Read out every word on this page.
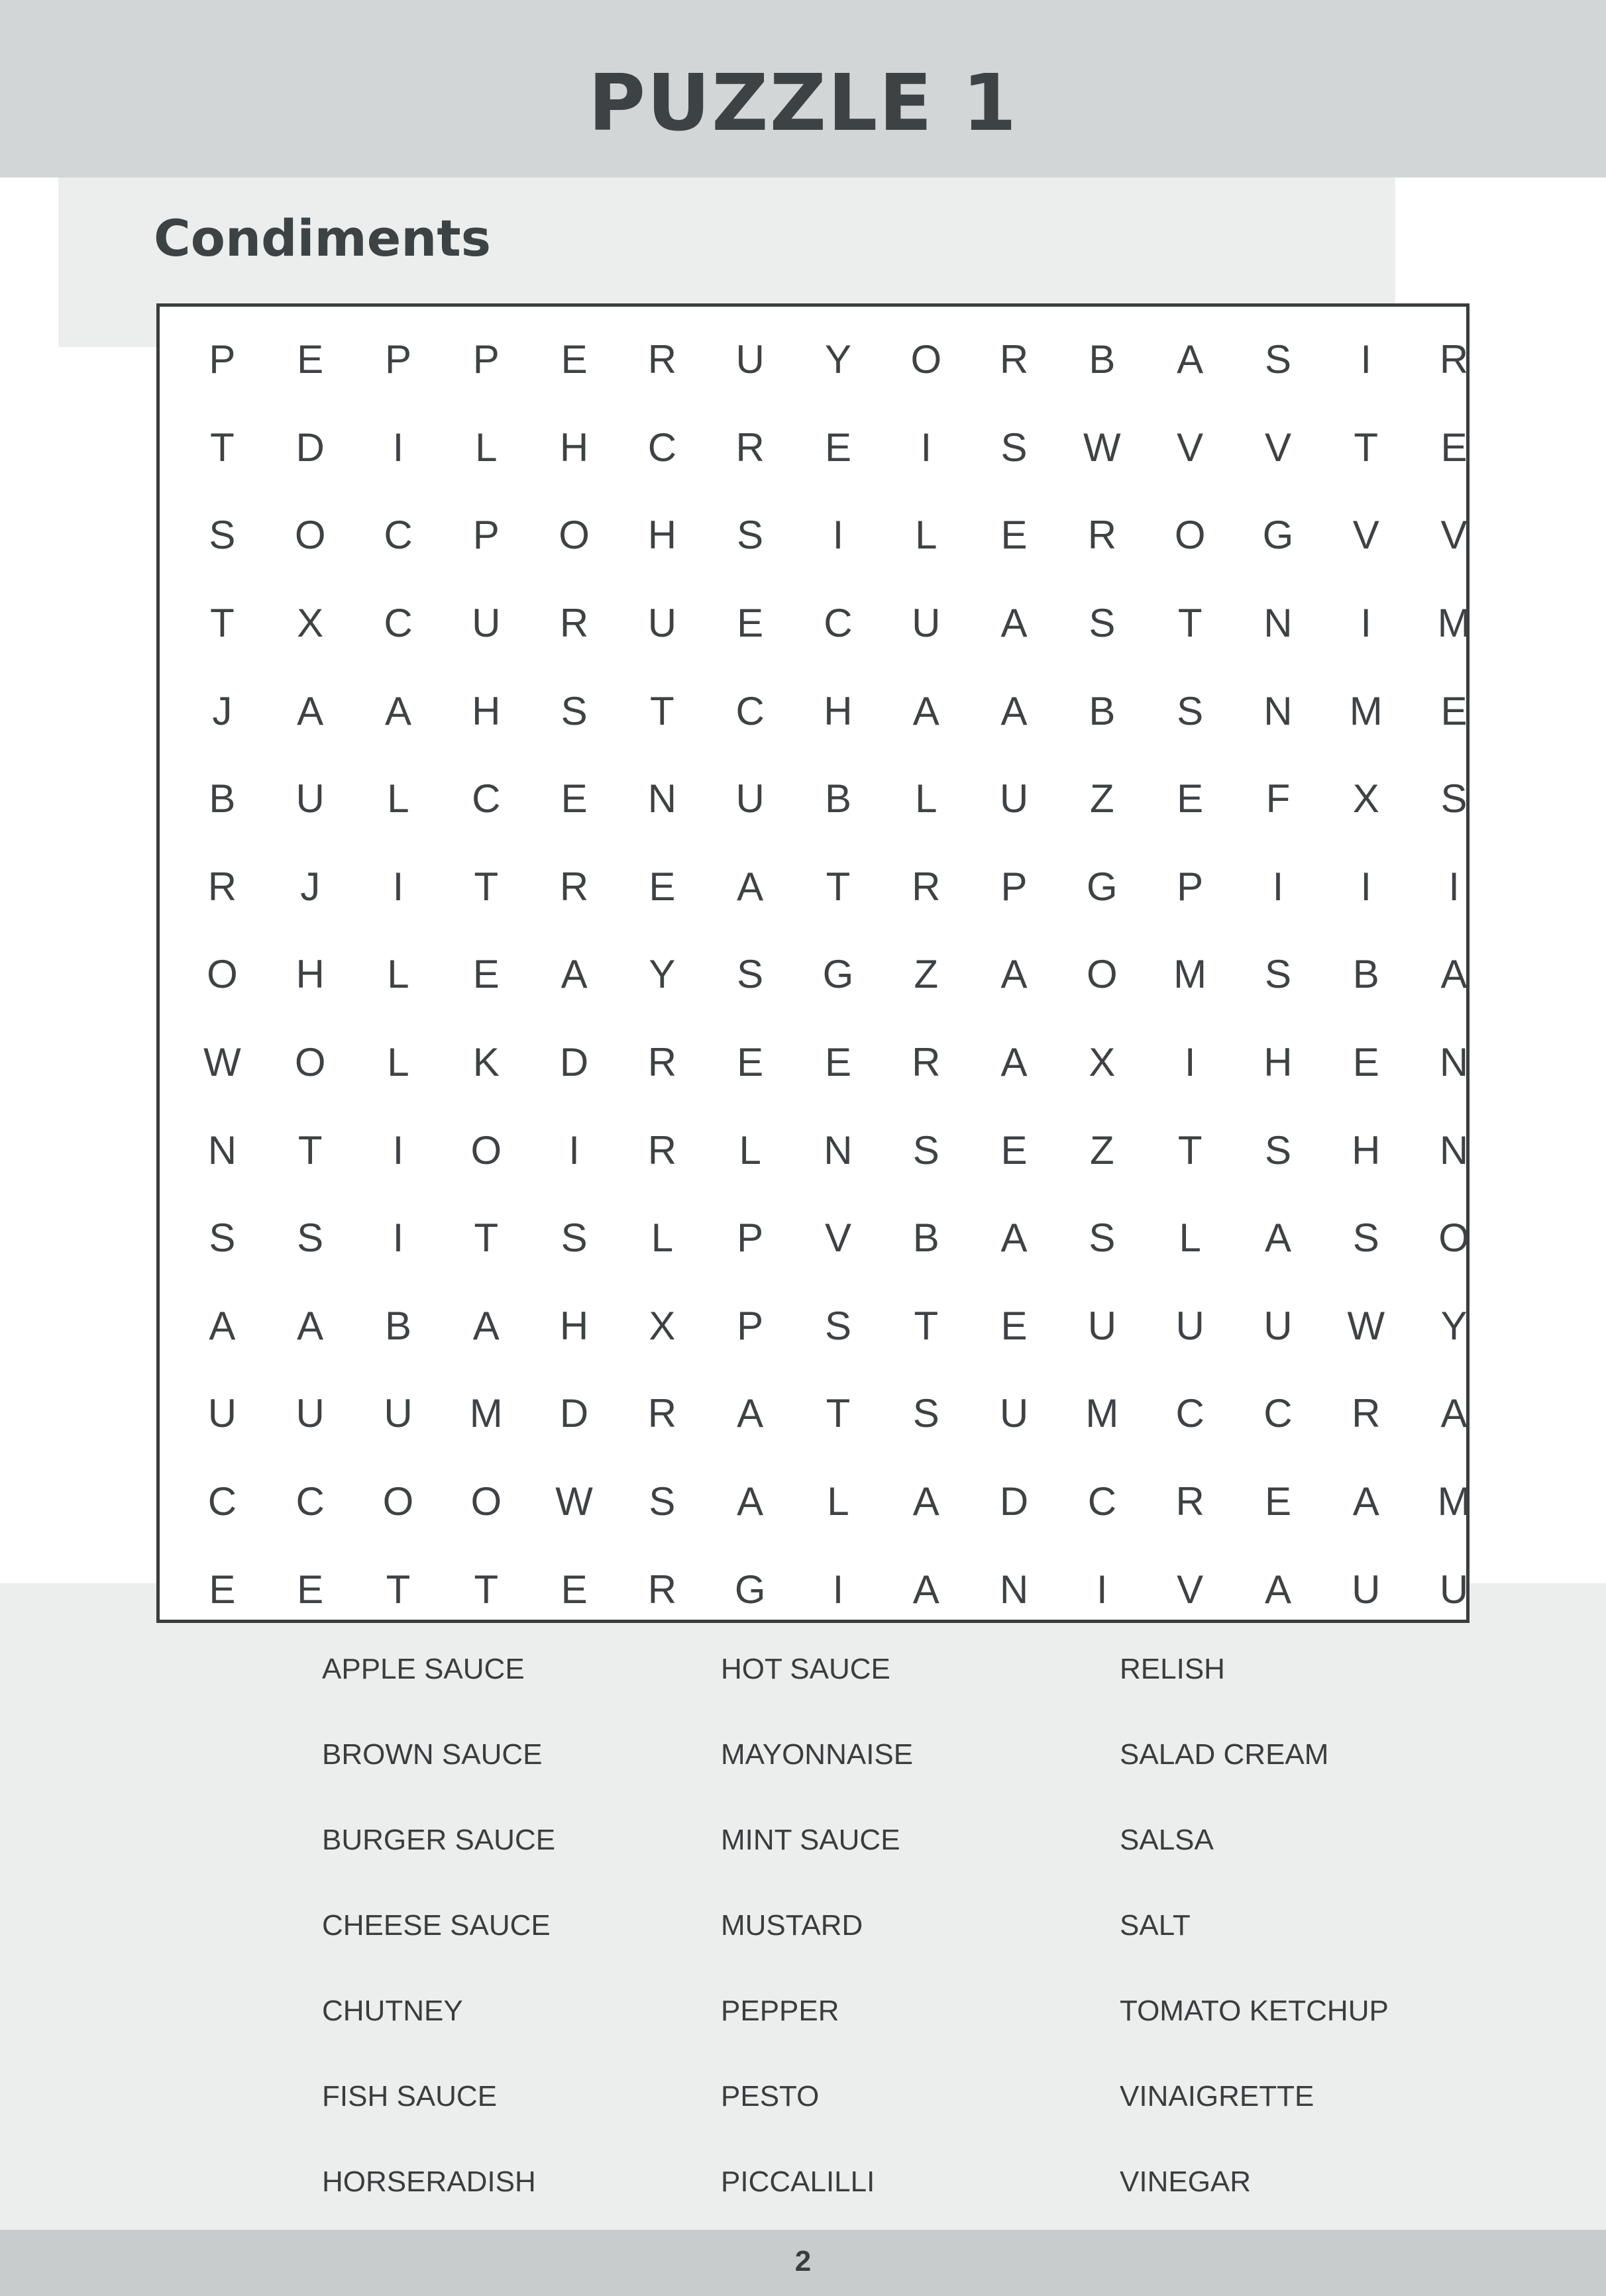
PUZZLE 1
Condiments
P	E	P	P	E	R	U	Y	O	R	B	A	S	I	R
T	D	I	L	H	C	R	E	I	S	W	V	V	T	E
S	O	C	P	O	H	S	I	L	E	R	O	G	V	V
T	X	C	U	R	U	E	C	U	A	S	T	N	I	M
J	A	A	H	S	T	C	H	A	A	B	S	N	M	E
B	U	L	C	E	N	U	B	L	U	Z	E	F	X	S
R	J	I	T	R	E	A	T	R	P	G	P	I	I	I
O	H	L	E	A	Y	S	G	Z	A	O	M	S	B	A
W	O	L	K	D	R	E	E	R	A	X	I	H	E	N
N	T	I	O	I	R	L	N	S	E	Z	T	S	H	N
S	S	I	T	S	L	P	V	B	A	S	L	A	S	O
A	A	B	A	H	X	P	S	T	E	U	U	U	W	Y
U	U	U	M	D	R	A	T	S	U	M	C	C	R	A
C	C	O	O	W	S	A	L	A	D	C	R	E	A	M
E	E	T	T	E	R	G	I	A	N	I	V	A	U	U
APPLE SAUCE	HOT SAUCE	RELISH
BROWN SAUCE	MAYONNAISE	SALAD CREAM
BURGER SAUCE	MINT SAUCE	SALSA
CHEESE SAUCE	MUSTARD	SALT
CHUTNEY	PEPPER	TOMATO KETCHUP
FISH SAUCE	PESTO	VINAIGRETTE
HORSERADISH	PICCALILLI	VINEGAR
2
